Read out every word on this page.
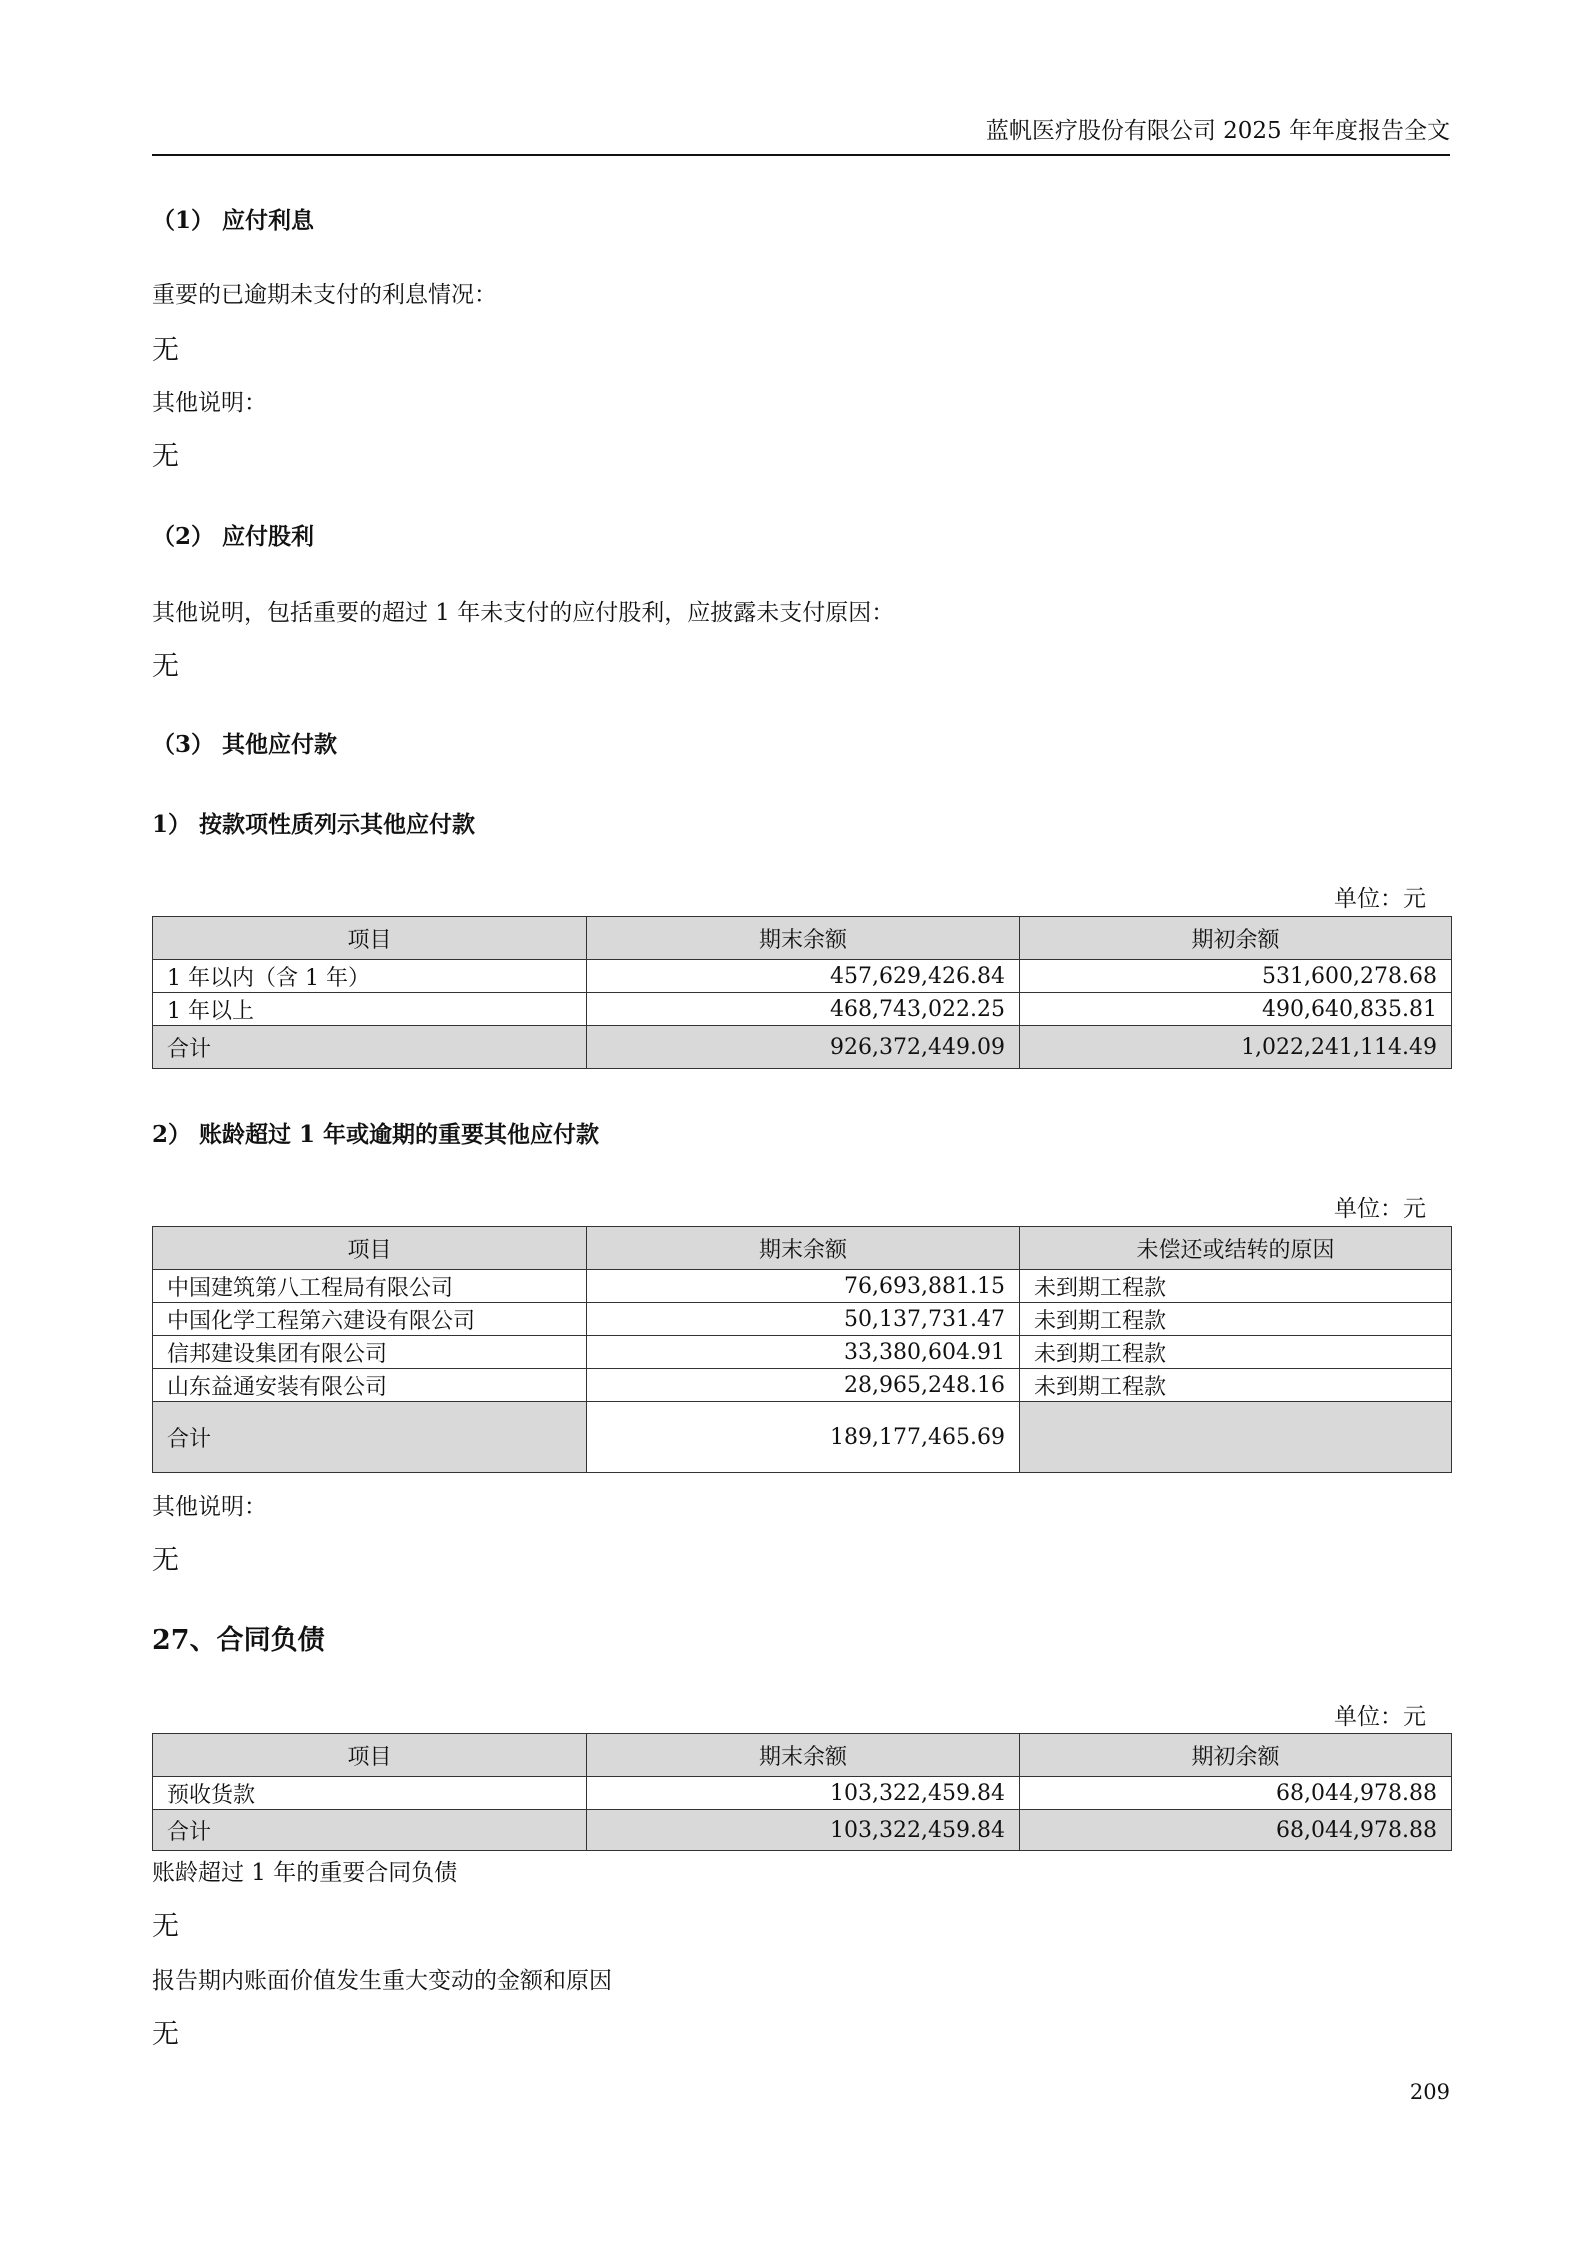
蓝帆医疗股份有限公司 2025 年年度报告全文
（1） 应付利息
重要的已逾期未支付的利息情况：
无
其他说明：
无
（2） 应付股利
其他说明，包括重要的超过 1 年未支付的应付股利，应披露未支付原因：
无
（3） 其他应付款
1） 按款项性质列示其他应付款
单位：元
项目	期末余额	期初余额
1 年以内（含 1 年）	457,629,426.84	531,600,278.68
1 年以上	468,743,022.25	490,640,835.81
合计	926,372,449.09	1,022,241,114.49
2） 账龄超过 1 年或逾期的重要其他应付款
单位：元
项目	期末余额	未偿还或结转的原因
中国建筑第八工程局有限公司	76,693,881.15	未到期工程款
中国化学工程第六建设有限公司	50,137,731.47	未到期工程款
信邦建设集团有限公司	33,380,604.91	未到期工程款
山东益通安装有限公司	28,965,248.16	未到期工程款
合计	189,177,465.69	
其他说明：
无
27、合同负债
单位：元
项目	期末余额	期初余额
预收货款	103,322,459.84	68,044,978.88
合计	103,322,459.84	68,044,978.88
账龄超过 1 年的重要合同负债
无
报告期内账面价值发生重大变动的金额和原因
无
209
